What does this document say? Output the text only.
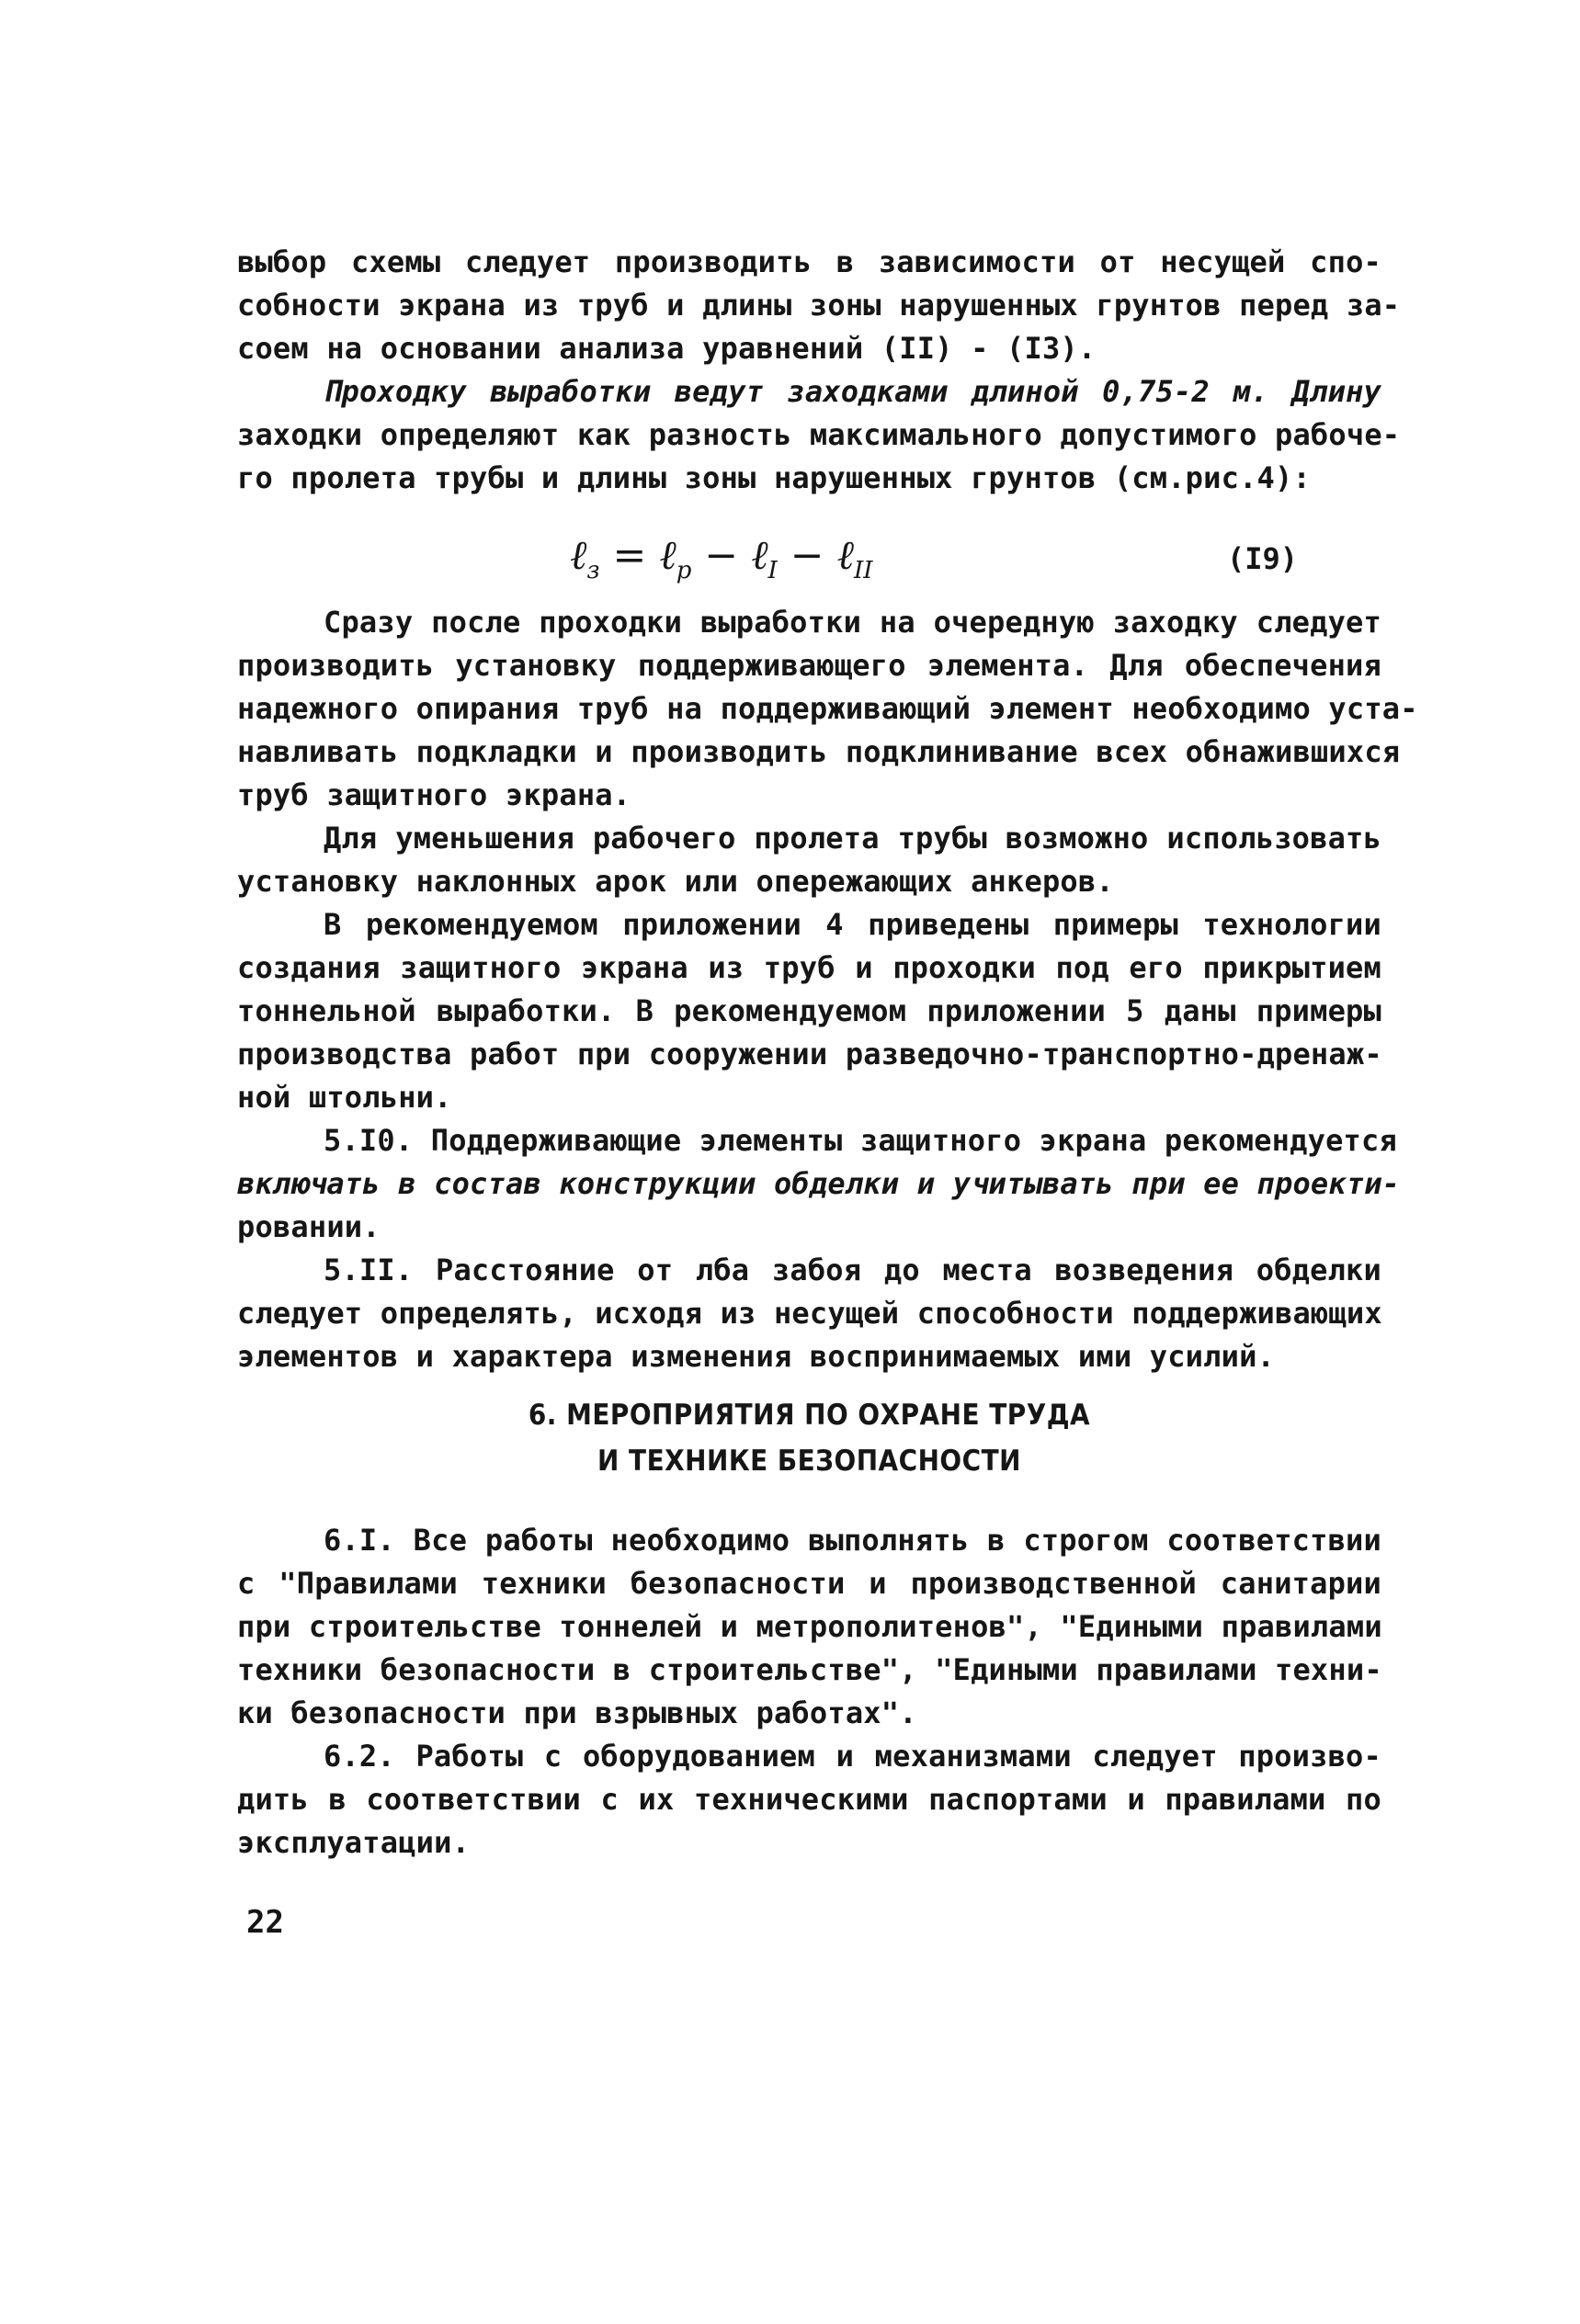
выбор схемы следует производить в зависимости от несущей спо-
собности экрана из труб и длины зоны нарушенных грунтов перед за-
соем на основании анализа уравнений (II) - (I3).
Проходку выработки ведут заходками длиной 0,75-2 м. Длину
заходки определяют как разность максимального допустимого рабоче-
го пролета трубы и длины зоны нарушенных грунтов (см.рис.4):
ℓ$_з$ = ℓ$_p$ − ℓ$_I$ − ℓ$_{II}$	(I9)
Сразу после проходки выработки на очередную заходку следует
производить установку поддерживающего элемента. Для обеспечения
надежного опирания труб на поддерживающий элемент необходимо уста-
навливать подкладки и производить подклинивание всех обнажившихся
труб защитного экрана.
Для уменьшения рабочего пролета трубы возможно использовать
установку наклонных арок или опережающих анкеров.
В рекомендуемом приложении 4 приведены примеры технологии
создания защитного экрана из труб и проходки под его прикрытием
тоннельной выработки. В рекомендуемом приложении 5 даны примеры
производства работ при сооружении разведочно-транспортно-дренаж-
ной штольни.
5.I0. Поддерживающие элементы защитного экрана рекомендуется
включать в состав конструкции обделки и учитывать при ее проекти-
ровании.
5.II. Расстояние от лба забоя до места возведения обделки
следует определять, исходя из несущей способности поддерживающих
элементов и характера изменения воспринимаемых ими усилий.
6. МЕРОПРИЯТИЯ ПО ОХРАНЕ ТРУДА
И ТЕХНИКЕ БЕЗОПАСНОСТИ
6.I. Все работы необходимо выполнять в строгом соответствии
с "Правилами техники безопасности и производственной санитарии
при строительстве тоннелей и метрополитенов", "Едиными правилами
техники безопасности в строительстве", "Едиными правилами техни-
ки безопасности при взрывных работах".
6.2. Работы с оборудованием и механизмами следует произво-
дить в соответствии с их техническими паспортами и правилами по
эксплуатации.
22
